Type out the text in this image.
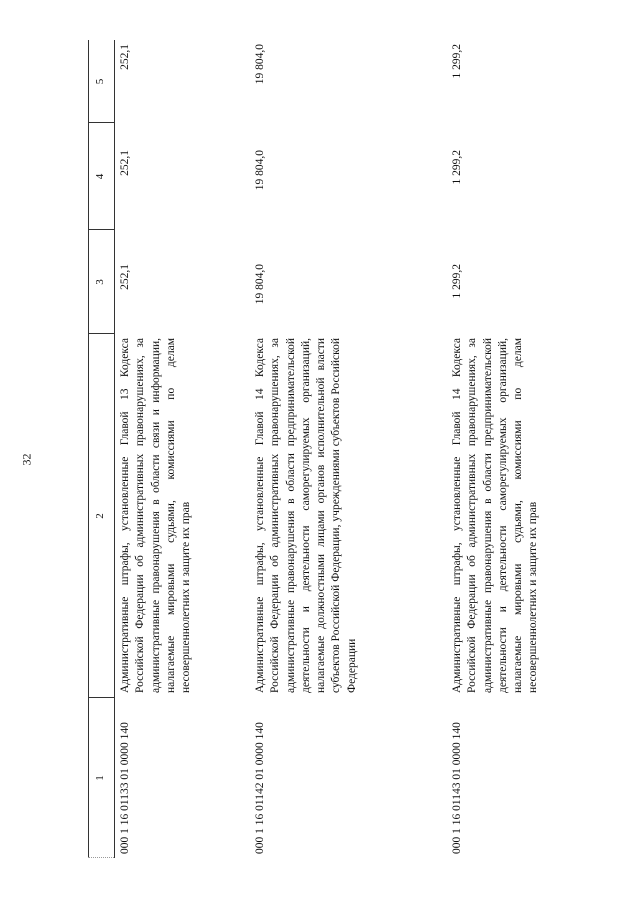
32
1
2
3
4
5
000 1 16 01133 01 0000 140
Административные штрафы, установленные Главой 13 Кодекса Российской Федерации об административных правонарушениях, за административные правонарушения в области связи и информации, налагаемые мировыми судьями, комиссиями по делам несовершеннолетних и защите их прав
252,1
252,1
252,1
000 1 16 01142 01 0000 140
Административные штрафы, установленные Главой 14 Кодекса Российской Федерации об административных правонарушениях, за административные правонарушения в области предпринимательской деятельности и деятельности саморегулируемых организаций, налагаемые должностными лицами органов исполнительной власти субъектов Российской Федерации, учреждениями субъектов Российской Федерации
19 804,0
19 804,0
19 804,0
000 1 16 01143 01 0000 140
Административные штрафы, установленные Главой 14 Кодекса Российской Федерации об административных правонарушениях, за административные правонарушения в области предпринимательской деятельности и деятельности саморегулируемых организаций, налагаемые мировыми судьями, комиссиями по делам несовершеннолетних и защите их прав
1 299,2
1 299,2
1 299,2
